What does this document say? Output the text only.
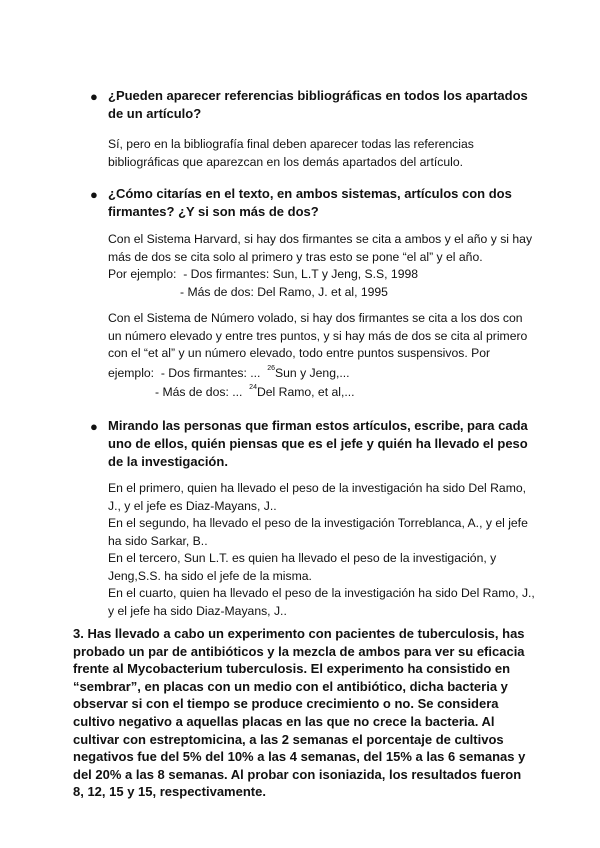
● ¿Pueden aparecer referencias bibliográficas en todos los apartados de un artículo?
Sí, pero en la bibliografía final deben aparecer todas las referencias bibliográficas que aparezcan en los demás apartados del artículo.
● ¿Cómo citarías en el texto, en ambos sistemas, artículos con dos firmantes? ¿Y si son más de dos?

Con el Sistema Harvard, si hay dos firmantes se cita a ambos y el año y si hay más de dos se cita solo al primero y tras esto se pone “el al” y el año.

Por ejemplo: - Dos firmantes: Sun, L.T y Jeng, S.S, 1998

- Más de dos: Del Ramo, J. et al, 1995

Con el Sistema de Número volado, si hay dos firmantes se cita a los dos con un número elevado y entre tres puntos, y si hay más de dos se cita al primero con el “et al” y un número elevado, todo entre puntos suspensivos. Por

ejemplo: - Dos firmantes: ... $^{26}$Sun y Jeng,...

- Más de dos: ... $^{24}$Del Ramo, et al,...

● Mirando las personas que firman estos artículos, escribe, para cada uno de ellos, quién piensas que es el jefe y quién ha llevado el peso de la investigación.

En el primero, quien ha llevado el peso de la investigación ha sido Del Ramo, J., y el jefe es Diaz-Mayans, J..

En el segundo, ha llevado el peso de la investigación Torreblanca, A., y el jefe ha sido Sarkar, B..

En el tercero, Sun L.T. es quien ha llevado el peso de la investigación, y Jeng,S.S. ha sido el jefe de la misma.

En el cuarto, quien ha llevado el peso de la investigación ha sido Del Ramo, J., y el jefe ha sido Diaz-Mayans, J..

3. Has llevado a cabo un experimento con pacientes de tuberculosis, has probado un par de antibióticos y la mezcla de ambos para ver su eficacia frente al Mycobacterium tuberculosis. El experimento ha consistido en “sembrar”, en placas con un medio con el antibiótico, dicha bacteria y observar si con el tiempo se produce crecimiento o no. Se considera cultivo negativo a aquellas placas en las que no crece la bacteria. Al cultivar con estreptomicina, a las 2 semanas el porcentaje de cultivos negativos fue del 5% del 10% a las 4 semanas, del 15% a las 6 semanas y del 20% a las 8 semanas. Al probar con isoniazida, los resultados fueron 8, 12, 15 y 15, respectivamente.
